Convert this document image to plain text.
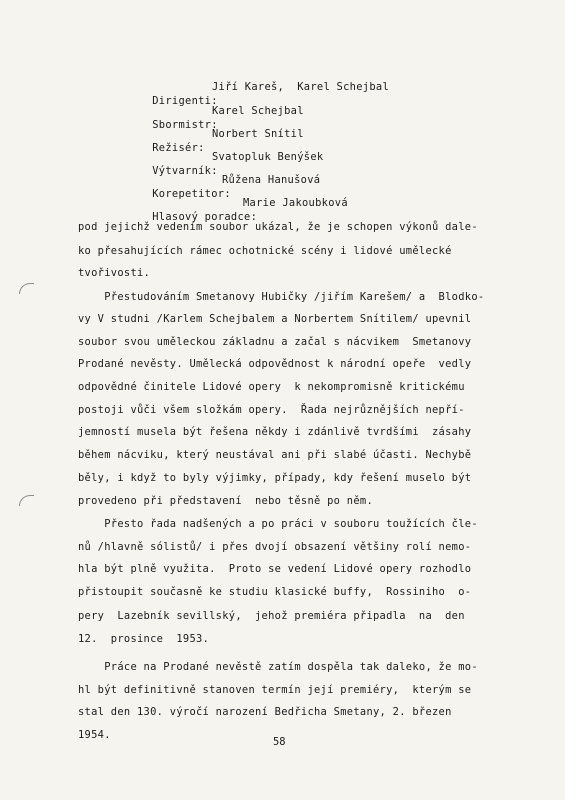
Dirigenti:
Jiří Kareš,  Karel Schejbal

Sbormistr:
Karel Schejbal

Režisér:
Norbert Snítil

Výtvarník:
Svatopluk Benýšek

Korepetitor:
Růžena Hanušová

Hlasový poradce:
Marie Jakoubková

pod jejichž vedením soubor ukázal, že je schopen výkonů dale-
ko přesahujících rámec ochotnické scény i lidové umělecké
tvořivosti.
Přestudováním Smetanovy Hubičky /jiřím Karešem/ a  Blodko-
vy V studni /Karlem Schejbalem a Norbertem Snítilem/ upevnil
soubor svou uměleckou základnu a začal s nácvikem  Smetanovy
Prodané nevěsty. Umělecká odpovědnost k národní opeře  vedly
odpovědné činitele Lidové opery  k nekompromisně kritickému
postoji vůči všem složkám opery.  Řada nejrůznějších nepří-
jemností musela být řešena někdy i zdánlivě tvrdšími  zásahy
během nácviku, který neustával ani při slabé účasti. Nechybě
běly, i když to byly výjimky, případy, kdy řešení muselo být
provedeno při představení  nebo těsně po něm.
Přesto řada nadšených a po práci v souboru toužících čle-
nů /hlavně sólistů/ i přes dvojí obsazení většiny rolí nemo-
hla být plně využita.  Proto se vedení Lidové opery rozhodlo
přistoupit současně ke studiu klasické buffy,  Rossiniho  o-
pery  Lazebník sevillský,  jehož premiéra připadla  na  den
12.  prosince  1953.
Práce na Prodané nevěstě zatím dospěla tak daleko, že mo-
hl být definitivně stanoven termín její premiéry,  kterým se
stal den 130. výročí narození Bedřicha Smetany, 2. březen
1954.
58
